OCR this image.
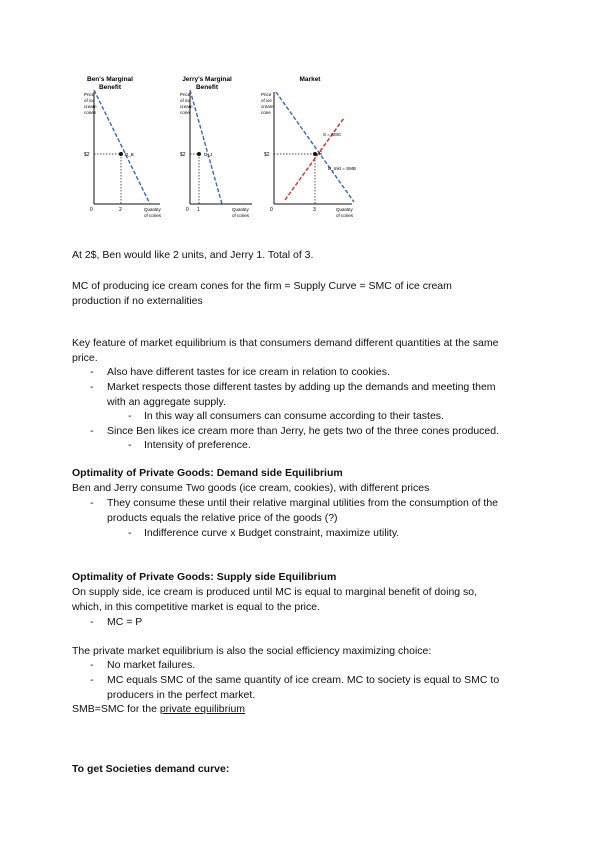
Ben's Marginal
Benefit
Price
of ice
cream
cones
D_B
$2
2
0	Quantity
of cones
Jerry's Marginal
Benefit
Price
of ice
cream
cone
D_J
$2
1
0	Quantity
of cones
Market
Price
of ice
cream
cone
E
S = SMC
D_mkt = SMB
$2
3
0	Quantity
of cones

At 2$, Ben would like 2 units, and Jerry 1. Total of 3.

MC of producing ice cream cones for the firm = Supply Curve = SMC of ice cream

production if no externalities

Key feature of market equilibrium is that consumers demand different quantities at the same

price.

- Also have different tastes for ice cream in relation to cookies.
- Market respects those different tastes by adding up the demands and meeting them
with an aggregate supply.
- In this way all consumers can consume according to their tastes.
- Since Ben likes ice cream more than Jerry, he gets two of the three cones produced.
- Intensity of preference.

Optimality of Private Goods: Demand side Equilibrium

Ben and Jerry consume Two goods (ice cream, cookies), with different prices

- They consume these until their relative marginal utilities from the consumption of the
products equals the relative price of the goods (?)
- Indifference curve x Budget constraint, maximize utility.

Optimality of Private Goods: Supply side Equilibrium

On supply side, ice cream is produced until MC is equal to marginal benefit of doing so,

which, in this competitive market is equal to the price.

- MC = P

The private market equilibrium is also the social efficiency maximizing choice:

- No market failures.
- MC equals SMC of the same quantity of ice cream. MC to society is equal to SMC to
producers in the perfect market.

SMB=SMC for the private equilibrium

To get Societies demand curve:
